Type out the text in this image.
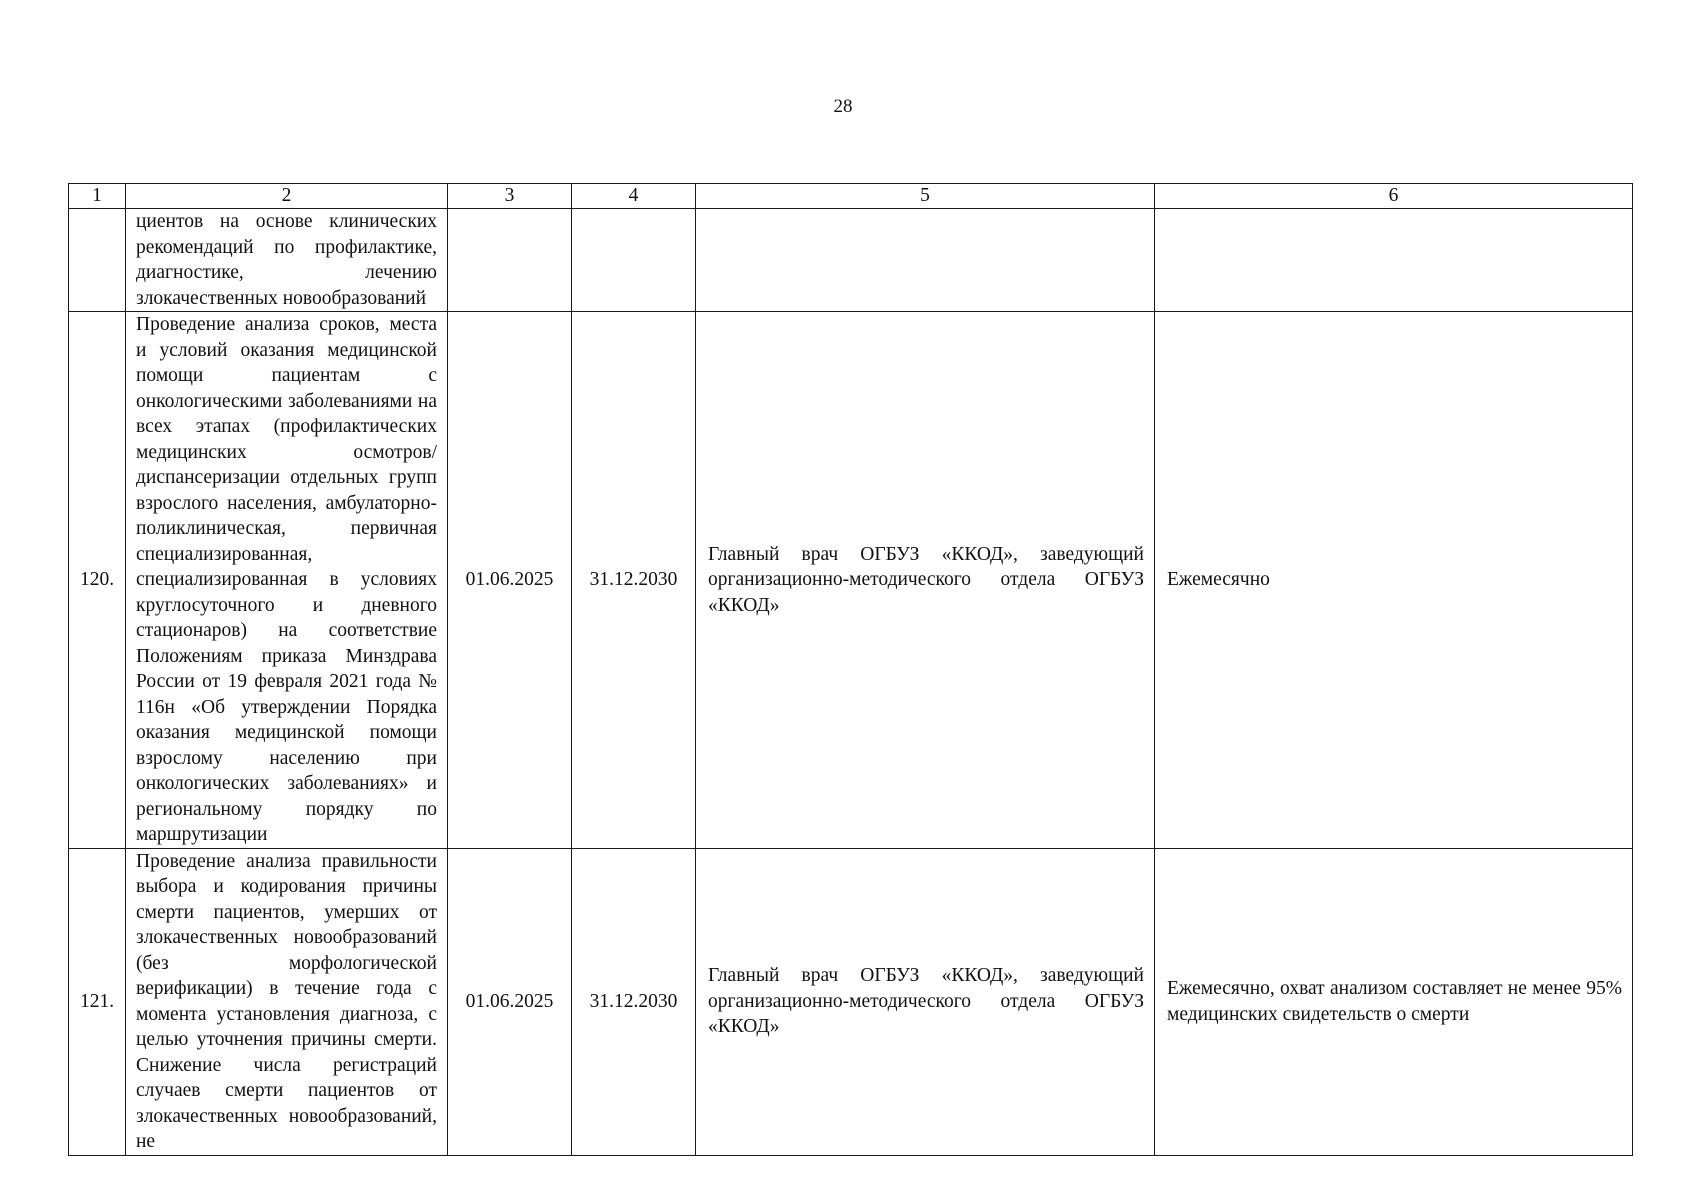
28
1	2	3	4	5	6
	циентов на основе клинических рекомендаций по профилактике, диагностике, лечению злокачественных новообразований				
120.	Проведение анализа сроков, места и условий оказания медицинской помощи пациентам с онкологическими заболеваниями на всех этапах (профилактических медицинских осмотров/ диспансеризации отдельных групп взрослого населения, амбулаторно-поликлиническая, первичная специализированная, специализированная в условиях круглосуточного и дневного стационаров) на соответствие Положениям приказа Минздрава России от 19 февраля 2021 года № 116н «Об утверждении Порядка оказания медицинской помощи взрослому населению при онкологических заболеваниях» и региональному порядку по маршрутизации	01.06.2025	31.12.2030	Главный врач ОГБУЗ «ККОД», заведующий организационно-методического отдела ОГБУЗ «ККОД»	Ежемесячно
121.	Проведение анализа правильности выбора и кодирования причины смерти пациентов, умерших от злокачественных новообразований (без морфологической верификации) в течение года с момента установления диагноза, с целью уточнения причины смерти. Снижение числа регистраций случаев смерти пациентов от злокачественных новообразований, не	01.06.2025	31.12.2030	Главный врач ОГБУЗ «ККОД», заведующий организационно-методического отдела ОГБУЗ «ККОД»	Ежемесячно, охват анализом составляет не менее 95% медицинских свидетельств о смерти
